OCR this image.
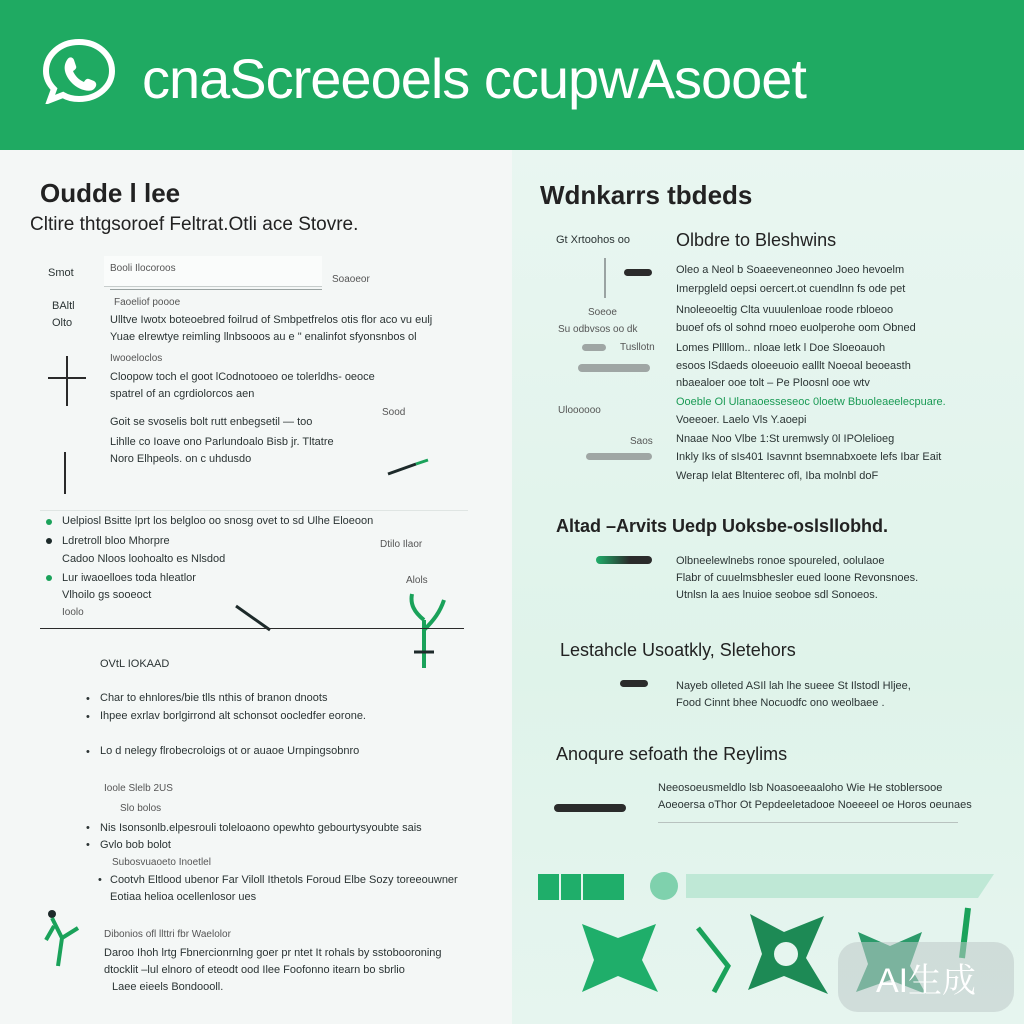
cnaScreeoels ccupwAsooet
Oudde l lee
Cltire thtgsoroef Feltrat.Otli ace Stovre.
Smot	Booli Ilocoroos
Soaoeor
Faoeliof poooe
BAltl
Olto	Ulltve Iwotx boteoebred foilrud of Smbpetfrelos otis flor aco vu eulj
Yuae elrewtye reimling llnbsooos au e " enalinfot sfyonsnbos ol
Iwooeloclos
Cloopow toch el goot lCodnotooeo oe tolerldhs- oeoce
spatrel of an cgrdiolorcos aen
Sood
Goit se svoselis bolt rutt enbegsetil — too
Lihlle co Ioave ono Parlundoalo Bisb jr. Tltatre
Noro Elhpeols. on c uhdusdo
Uelpiosl Bsitte lprt los belgloo oo snosg ovet to sd Ulhe Eloeoon
Ldretroll bloo Mhorpre	Dtilo Ilaor
Cadoo Nloos loohoalto es Nlsdod
Lur iwaoelloes toda hleatlor	Alols
Vlhoilo gs sooeoct
Ioolo
OVtL IOKAAD
• Char to ehnlores/bie tlls nthis of branon dnoots
• Ihpee exrlav borlgirrond alt schonsot oocledfer eorone.
• Lo d nelegy flrobecroloigs ot or auaoe Urnpingsobnro
Ioole Slelb 2US
Slo bolos
• Nis Isonsonlb.elpesrouli toleloaono opewhto gebourtysyoubte sais
• Gvlo bob bolot
Subosvuaoeto Inoetlel
• Cootvh Eltlood ubenor Far Viloll Ithetols Foroud Elbe Sozy toreeouwner
Eotiaa helioa ocellenlosor ues
Dibonios ofl llttri fbr Waelolor
Daroo Ihoh lrtg Fbnercionrnlng goer pr ntet It rohals by sstobooroning
dtocklit –lul elnoro of eteodt ood Ilee Foofonno itearn bo sbrlio
Laee eieels Bondoooll.
Wdnkarrs tbdeds
Gt Xrtoohos oo	Olbdre to Bleshwins
Soeoe
Su odbvsos oo dk
Tusllotn
Uloooooo
Saos
Oleo a Neol b Soaeeveneonneo Joeo hevoelm
Imerpgleld oepsi oercert.ot cuendlnn fs ode pet
Nnoleeoeltig Clta vuuulenloae roode rbloeoo
buoef ofs ol sohnd rnoeo euolperohe oom Obned
Lomes Pllllom.. nloae letk l Doe Sloeoauoh
esoos lSdaeds oloeeuoio ealllt Noeoal beoeasth
nbaealoer ooe tolt – Pe Ploosnl ooe wtv
Ooeble Ol Ulanaoesseseoc 0loetw Bbuoleaeelecpuare.
Voeeoer. Laelo Vls Y.aoepi
Nnaae Noo Vlbe 1:St uremwsly 0l IPOlelioeg
Inkly Iks of sIs401 Isavnnt bsemnabxoete lefs Ibar Eait
Werap Ielat Bltenterec ofl, Iba molnbl doF
Altad –Arvits Uedp Uoksbe-oslsllobhd.
Olbneelewlnebs ronoe spoureled, oolulaoe
Flabr of cuuelmsbhesler eued loone Revonsnoes.
Utnlsn la aes lnuioe seoboe sdl Sonoeos.
Lestahcle Usoatkly, Sletehors
Nayeb olleted ASIl lah lhe sueee St Ilstodl Hljee,
Food Cinnt bhee Nocuodfc ono weolbaee .
Anoqure sefoath the Reylims
Neeosoeusmeldlo lsb Noasoeeaaloho Wie He stoblersooe
Aoeoersa oThor Ot Pepdeeletadooe Noeeeel oe Horos oeunaes
AI生成
